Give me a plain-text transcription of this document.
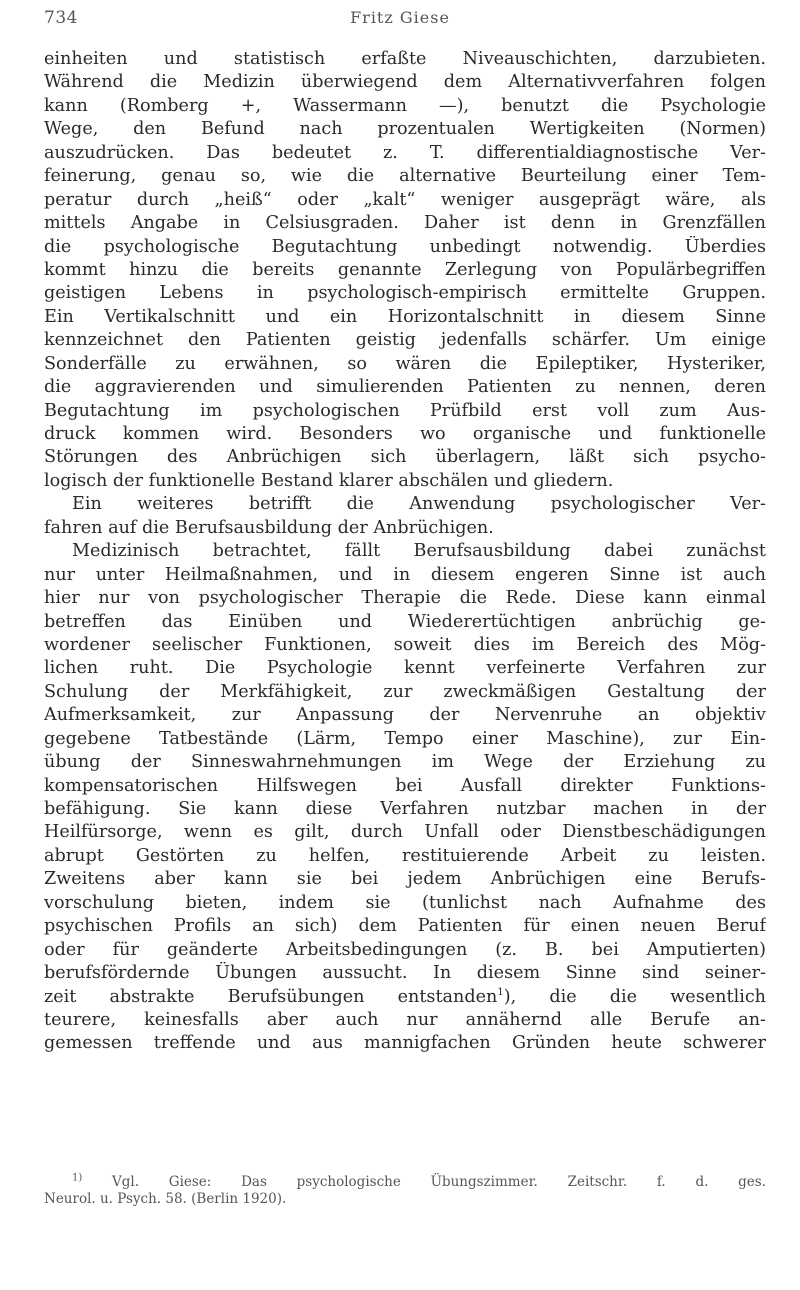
734	Fritz Giese
einheiten und statistisch erfaßte Niveauschichten, darzubieten.
Während die Medizin überwiegend dem Alternativverfahren folgen
kann (Romberg +, Wassermann —), benutzt die Psychologie
Wege, den Befund nach prozentualen Wertigkeiten (Normen)
auszudrücken. Das bedeutet z. T. differentialdiagnostische Ver-
feinerung, genau so, wie die alternative Beurteilung einer Tem-
peratur durch „heiß“ oder „kalt“ weniger ausgeprägt wäre, als
mittels Angabe in Celsiusgraden. Daher ist denn in Grenzfällen
die psychologische Begutachtung unbedingt notwendig. Überdies
kommt hinzu die bereits genannte Zerlegung von Populärbegriffen
geistigen Lebens in psychologisch-empirisch ermittelte Gruppen.
Ein Vertikalschnitt und ein Horizontalschnitt in diesem Sinne
kennzeichnet den Patienten geistig jedenfalls schärfer. Um einige
Sonderfälle zu erwähnen, so wären die Epileptiker, Hysteriker,
die aggravierenden und simulierenden Patienten zu nennen, deren
Begutachtung im psychologischen Prüfbild erst voll zum Aus-
druck kommen wird. Besonders wo organische und funktionelle
Störungen des Anbrüchigen sich überlagern, läßt sich psycho-
logisch der funktionelle Bestand klarer abschälen und gliedern.
Ein weiteres betrifft die Anwendung psychologischer Ver-
fahren auf die Berufsausbildung der Anbrüchigen.
Medizinisch betrachtet, fällt Berufsausbildung dabei zunächst
nur unter Heilmaßnahmen, und in diesem engeren Sinne ist auch
hier nur von psychologischer Therapie die Rede. Diese kann einmal
betreffen das Einüben und Wiederertüchtigen anbrüchig ge-
wordener seelischer Funktionen, soweit dies im Bereich des Mög-
lichen ruht. Die Psychologie kennt verfeinerte Verfahren zur
Schulung der Merkfähigkeit, zur zweckmäßigen Gestaltung der
Aufmerksamkeit, zur Anpassung der Nervenruhe an objektiv
gegebene Tatbestände (Lärm, Tempo einer Maschine), zur Ein-
übung der Sinneswahrnehmungen im Wege der Erziehung zu
kompensatorischen Hilfswegen bei Ausfall direkter Funktions-
befähigung. Sie kann diese Verfahren nutzbar machen in der
Heilfürsorge, wenn es gilt, durch Unfall oder Dienstbeschädigungen
abrupt Gestörten zu helfen, restituierende Arbeit zu leisten.
Zweitens aber kann sie bei jedem Anbrüchigen eine Berufs-
vorschulung bieten, indem sie (tunlichst nach Aufnahme des
psychischen Profils an sich) dem Patienten für einen neuen Beruf
oder für geänderte Arbeitsbedingungen (z. B. bei Amputierten)
berufsfördernde Übungen aussucht. In diesem Sinne sind seiner-
zeit abstrakte Berufsübungen entstanden$^1$), die die wesentlich
teurere, keinesfalls aber auch nur annähernd alle Berufe an-
gemessen treffende und aus mannigfachen Gründen heute schwerer
$^{1)}$ Vgl. Giese: Das psychologische Übungszimmer. Zeitschr. f. d. ges.
Neurol. u. Psych. 58. (Berlin 1920).
